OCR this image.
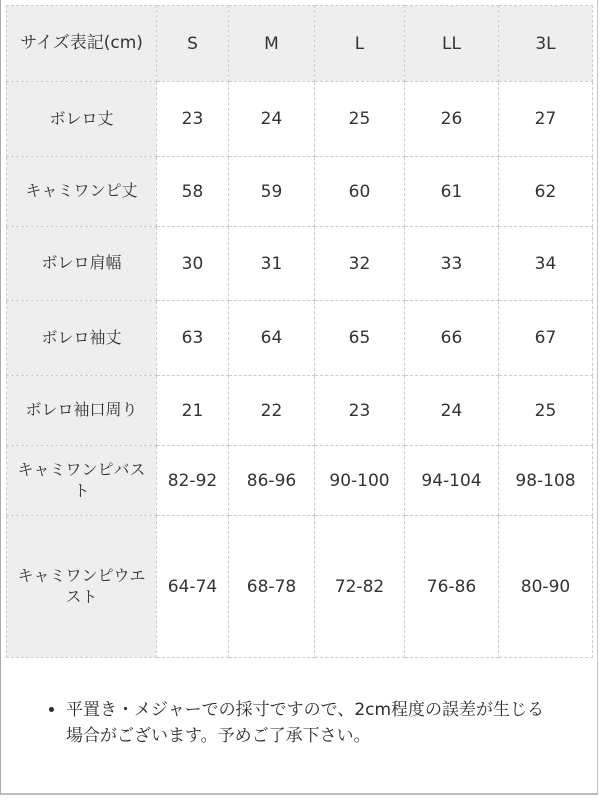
サイズ表記(cm)	S	M	L	LL	3L
ボレロ丈	23	24	25	26	27
キャミワンピ丈	58	59	60	61	62
ボレロ肩幅	30	31	32	33	34
ボレロ袖丈	63	64	65	66	67
ボレロ袖口周り	21	22	23	24	25
キャミワンピバスト	82-92	86-96	90-100	94-104	98-108
キャミワンピウエスト	64-74	68-78	72-82	76-86	80-90
• 平置き・メジャーでの採寸ですので、2cm程度の誤差が生じる場合がございます。予めご了承下さい。
